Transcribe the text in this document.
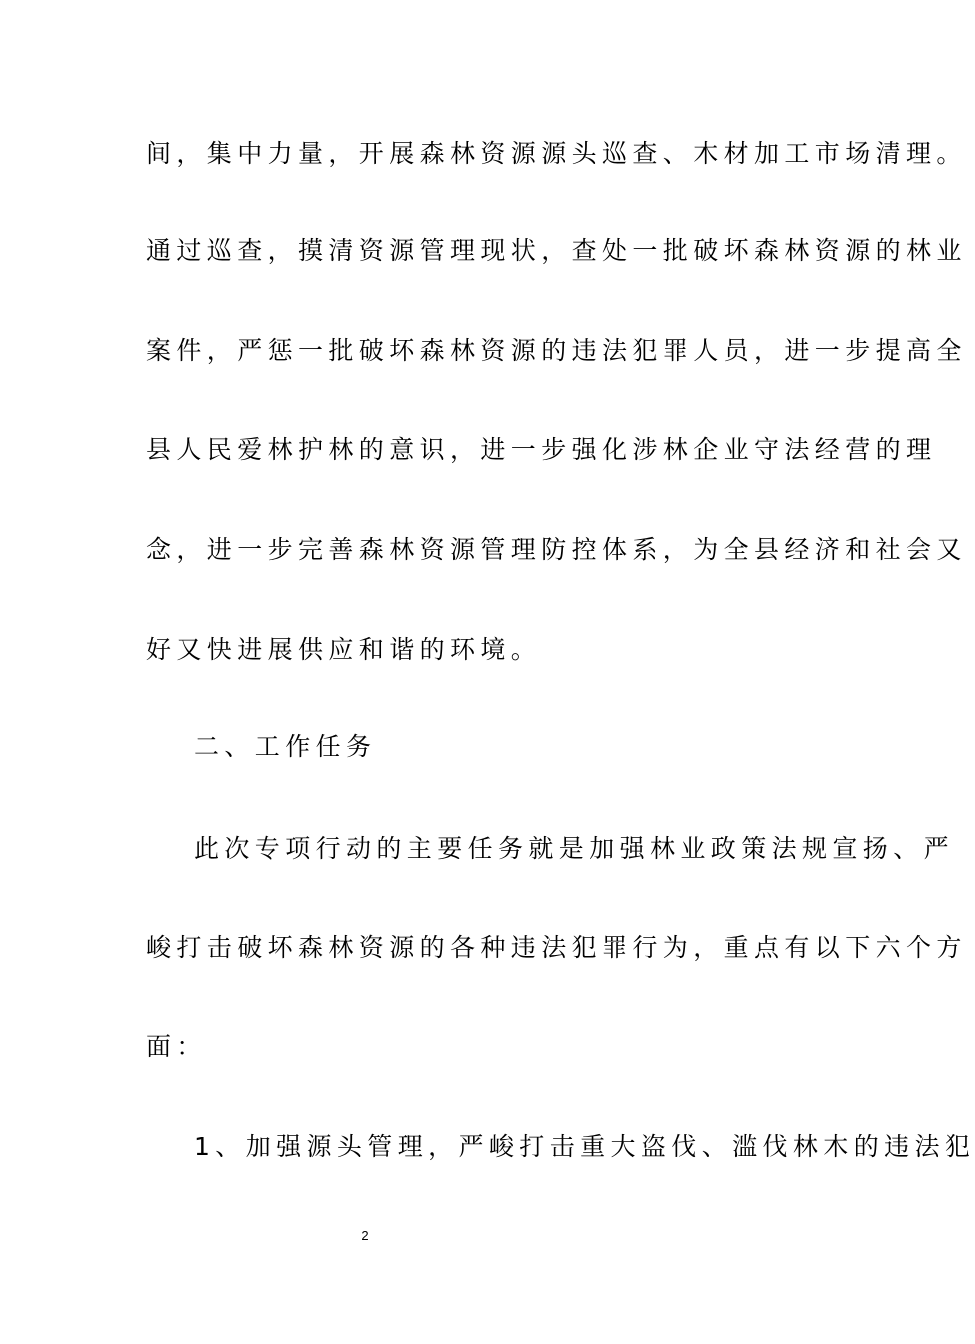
间，集中力量，开展森林资源源头巡查、木材加工市场清理。
通过巡查，摸清资源管理现状，查处一批破坏森林资源的林业
案件，严惩一批破坏森林资源的违法犯罪人员，进一步提高全
县人民爱林护林的意识，进一步强化涉林企业守法经营的理
念，进一步完善森林资源管理防控体系，为全县经济和社会又
好又快进展供应和谐的环境。
二、工作任务
此次专项行动的主要任务就是加强林业政策法规宣扬、严
峻打击破坏森林资源的各种违法犯罪行为，重点有以下六个方
面：
1、加强源头管理，严峻打击重大盗伐、滥伐林木的违法犯
2
